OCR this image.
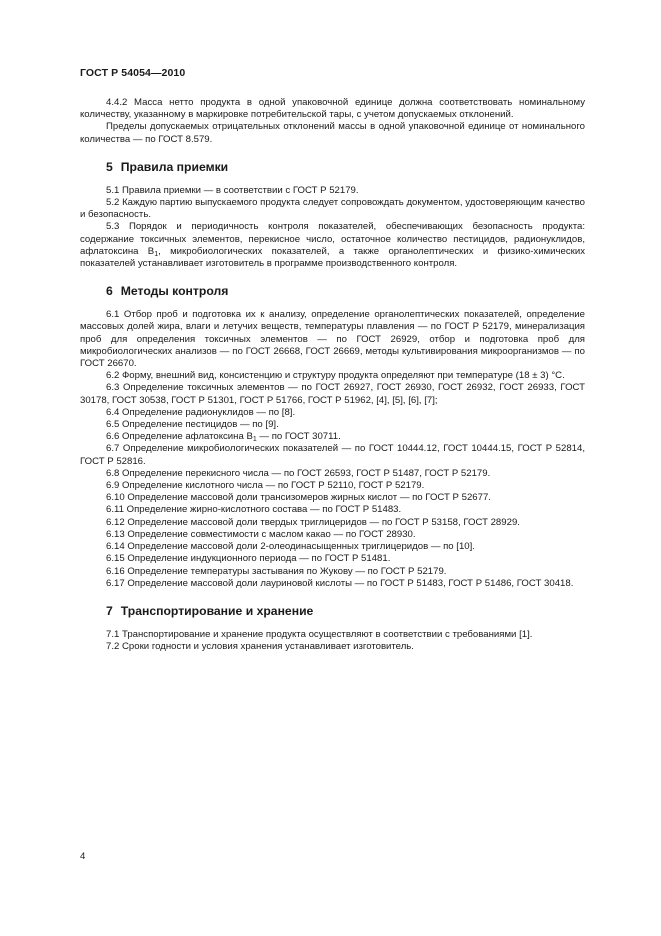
ГОСТ Р 54054—2010

4.4.2 Масса нетто продукта в одной упаковочной единице должна соответствовать номинальному количеству, указанному в маркировке потребительской тары, с учетом допускаемых отклонений.

Пределы допускаемых отрицательных отклонений массы в одной упаковочной единице от номинального количества — по ГОСТ 8.579.

5 Правила приемки

5.1 Правила приемки — в соответствии с ГОСТ Р 52179.

5.2 Каждую партию выпускаемого продукта следует сопровождать документом, удостоверяющим качество и безопасность.

5.3 Порядок и периодичность контроля показателей, обеспечивающих безопасность продукта: содержание токсичных элементов, перекисное число, остаточное количество пестицидов, радионуклидов, афлатоксина $В_1$, микробиологических показателей, а также органолептических и физико-химических показателей устанавливает изготовитель в программе производственного контроля.

6 Методы контроля

6.1 Отбор проб и подготовка их к анализу, определение органолептических показателей, определение массовых долей жира, влаги и летучих веществ, температуры плавления — по ГОСТ Р 52179, минерализация проб для определения токсичных элементов — по ГОСТ 26929, отбор и подготовка проб для микробиологических анализов — по ГОСТ 26668, ГОСТ 26669, методы культивирования микроорганизмов — по ГОСТ 26670.

6.2 Форму, внешний вид, консистенцию и структуру продукта определяют при температуре (18 ± 3) °С.

6.3 Определение токсичных элементов — по ГОСТ 26927, ГОСТ 26930, ГОСТ 26932, ГОСТ 26933, ГОСТ 30178, ГОСТ 30538, ГОСТ Р 51301, ГОСТ Р 51766, ГОСТ Р 51962, [4], [5], [6], [7];

6.4 Определение радионуклидов — по [8].

6.5 Определение пестицидов — по [9].

6.6 Определение афлатоксина $В_1$ — по ГОСТ 30711.

6.7 Определение микробиологических показателей — по ГОСТ 10444.12, ГОСТ 10444.15, ГОСТ Р 52814, ГОСТ Р 52816.

6.8 Определение перекисного числа — по ГОСТ 26593, ГОСТ Р 51487, ГОСТ Р 52179.

6.9 Определение кислотного числа — по ГОСТ Р 52110, ГОСТ Р 52179.

6.10 Определение массовой доли трансизомеров жирных кислот — по ГОСТ Р 52677.

6.11 Определение жирно-кислотного состава — по ГОСТ Р 51483.

6.12 Определение массовой доли твердых триглицеридов — по ГОСТ Р 53158, ГОСТ 28929.

6.13 Определение совместимости с маслом какао — по ГОСТ 28930.

6.14 Определение массовой доли 2-олеодинасыщенных триглицеридов — по [10].

6.15 Определение индукционного периода — по ГОСТ Р 51481.

6.16 Определение температуры застывания по Жукову — по ГОСТ Р 52179.

6.17 Определение массовой доли лауриновой кислоты — по ГОСТ Р 51483, ГОСТ Р 51486, ГОСТ 30418.

7 Транспортирование и хранение

7.1 Транспортирование и хранение продукта осуществляют в соответствии с требованиями [1].

7.2 Сроки годности и условия хранения устанавливает изготовитель.

4
